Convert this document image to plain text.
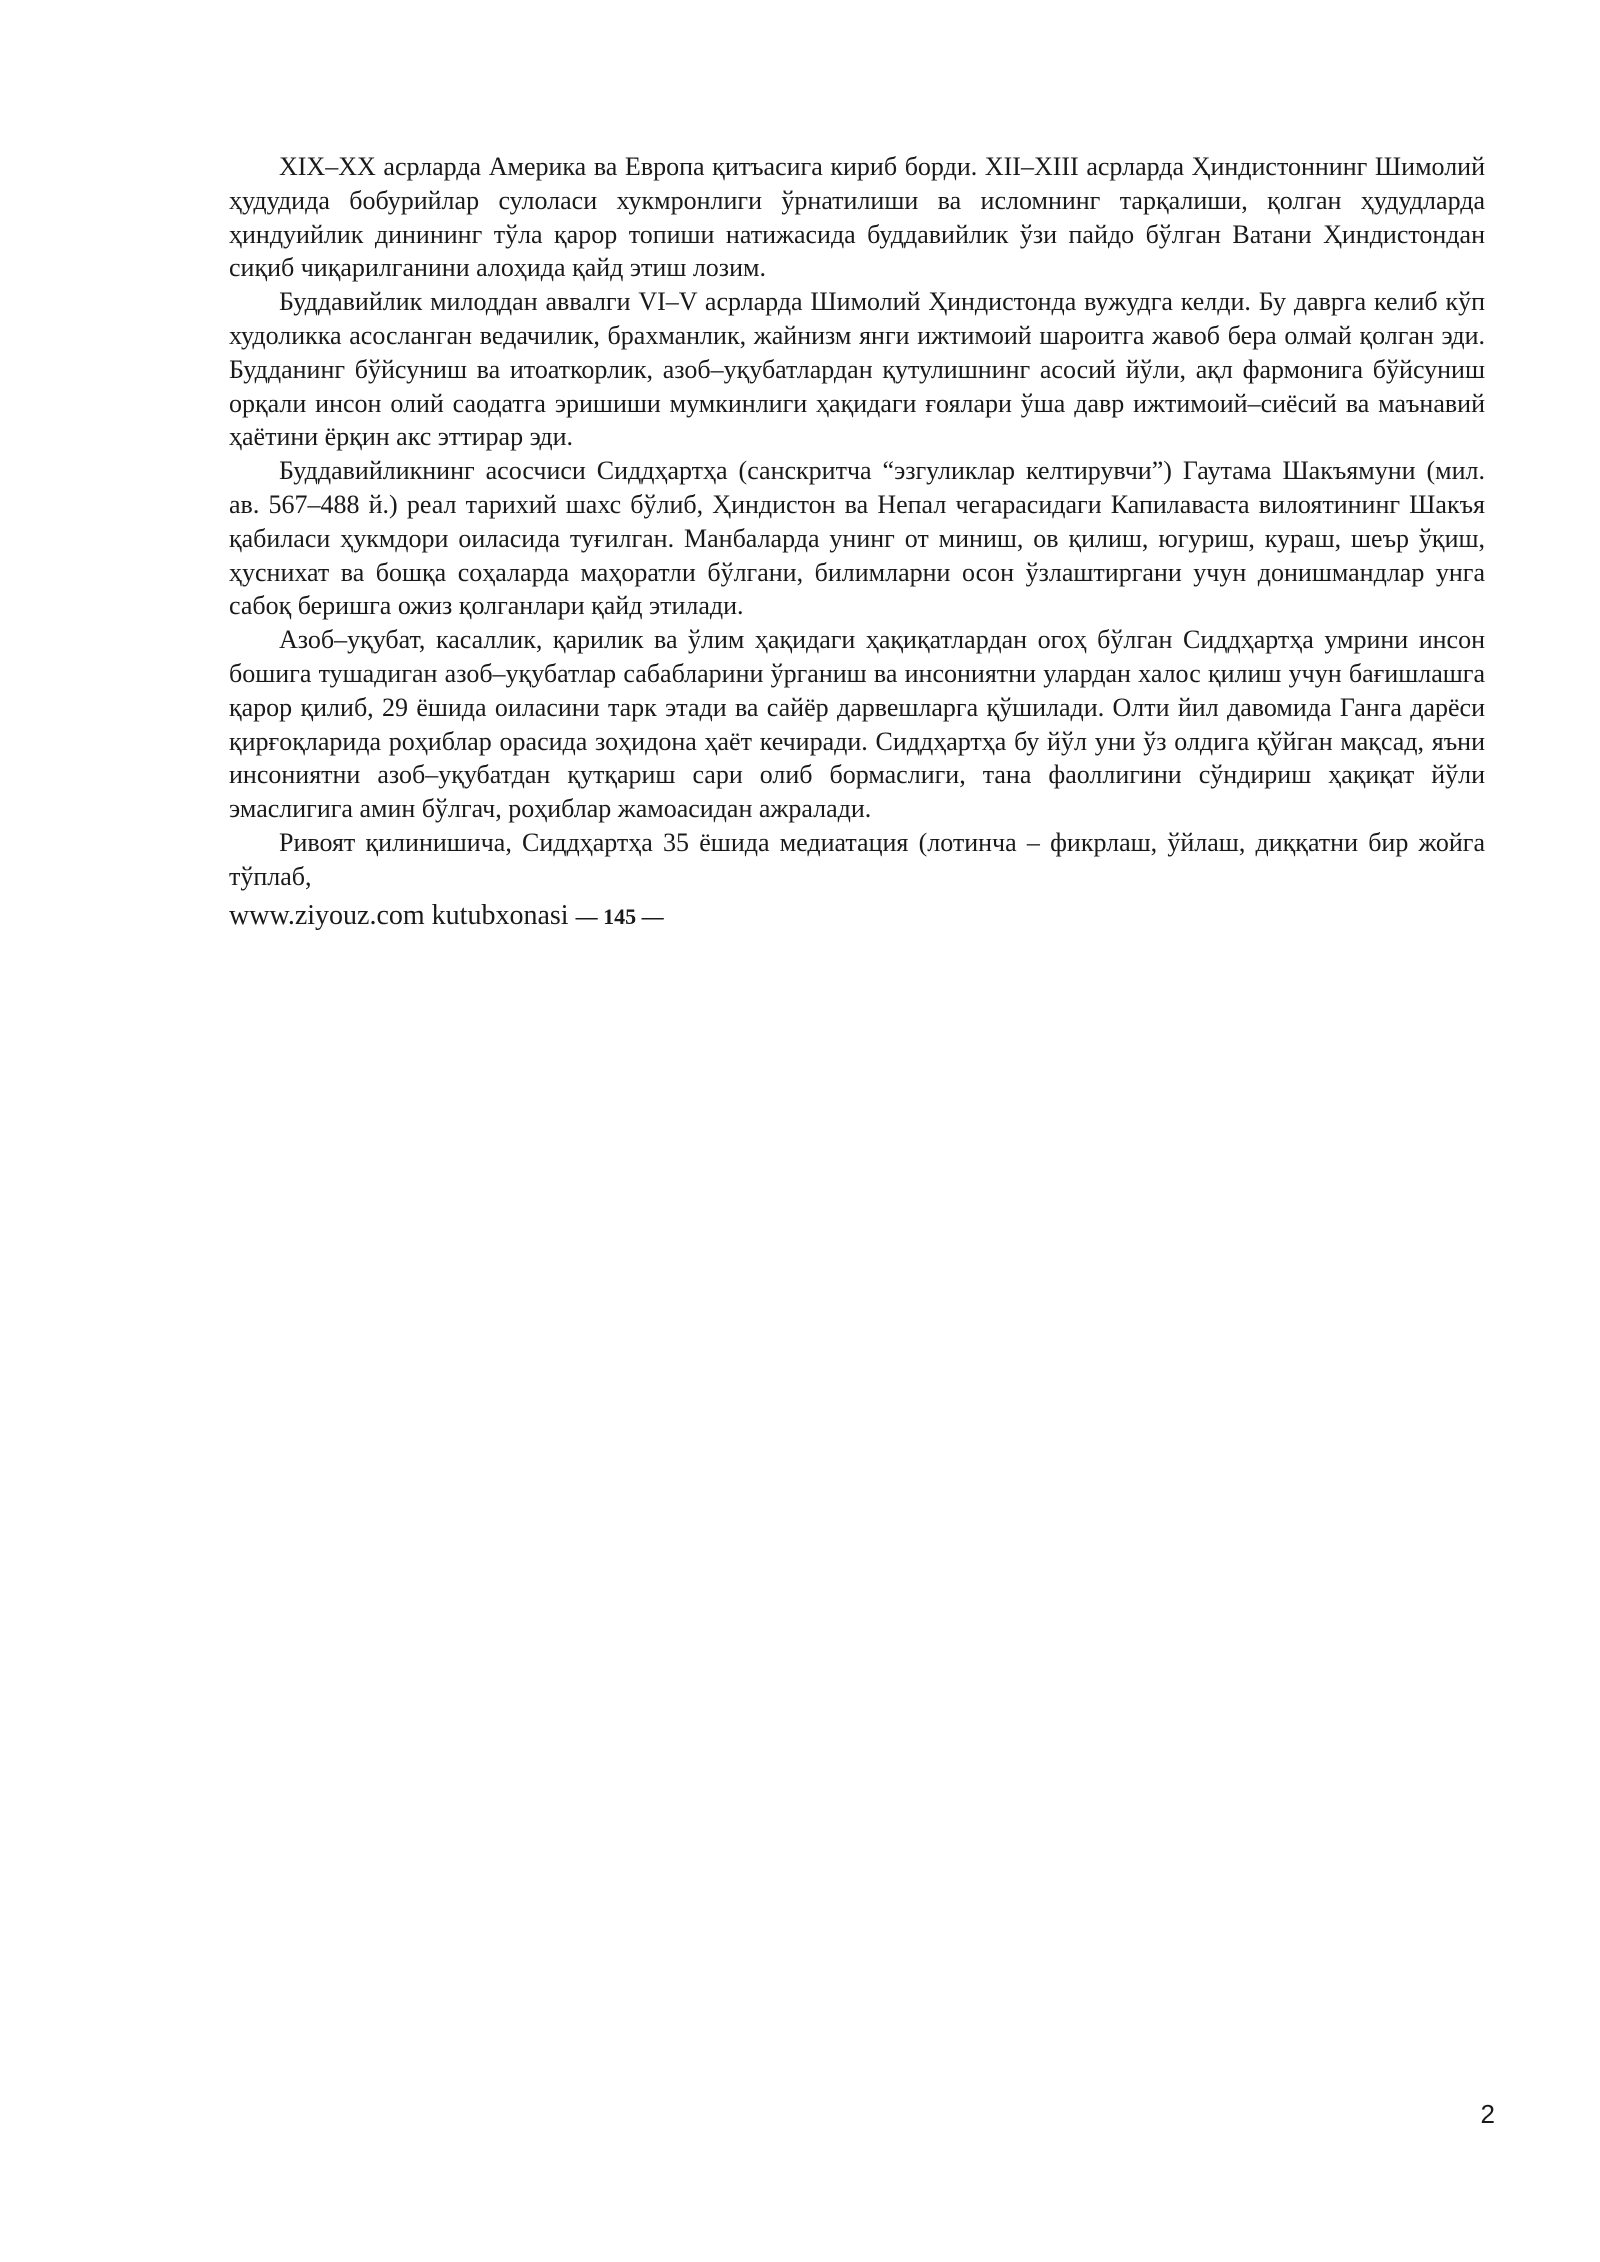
XIX–XX асрларда Америка ва Европа қитъасига кириб борди. XII–XIII асрларда Ҳиндистоннинг Шимолий ҳудудида бобурийлар сулоласи хукмронлиги ўрнатилиши ва исломнинг тарқалиши, қолган ҳудудларда ҳиндуийлик динининг тўла қарор топиши натижасида буддавийлик ўзи пайдо бўлган Ватани Ҳиндистондан сиқиб чиқарилганини алоҳида қайд этиш лозим.

Буддавийлик милоддан аввалги VI–V асрларда Шимолий Ҳиндистонда вужудга келди. Бу даврга келиб кўп худоликка асосланган ведачилик, брахманлик, жайнизм янги ижтимоий шароитга жавоб бера олмай қолган эди. Будданинг бўйсуниш ва итоаткорлик, азоб–уқубатлардан қутулишнинг асосий йўли, ақл фармонига бўйсуниш орқали инсон олий саодатга эришиши мумкинлиги ҳақидаги ғоялари ўша давр ижтимоий–сиёсий ва маънавий ҳаётини ёрқин акс эттирар эди.

Буддавийликнинг асосчиси Сиддҳартҳа (санскритча “эзгуликлар келтирувчи”) Гаутама Шакъямуни (мил. ав. 567–488 й.) реал тарихий шахс бўлиб, Ҳиндистон ва Непал чегарасидаги Капилаваста вилоятининг Шакъя қабиласи ҳукмдори оиласида туғилган. Манбаларда унинг от миниш, ов қилиш, югуриш, кураш, шеър ўқиш, ҳуснихат ва бошқа соҳаларда маҳоратли бўлгани, билимларни осон ўзлаштиргани учун донишмандлар унга сабоқ беришга ожиз қолганлари қайд этилади.

Азоб–уқубат, касаллик, қарилик ва ўлим ҳақидаги ҳақиқатлардан огоҳ бўлган Сиддҳартҳа умрини инсон бошига тушадиган азоб–уқубатлар сабабларини ўрганиш ва инсониятни улардан халос қилиш учун бағишлашга қарор қилиб, 29 ёшида оиласини тарк этади ва сайёр дарвешларга қўшилади. Олти йил давомида Ганга дарёси қирғоқларида роҳиблар орасида зоҳидона ҳаёт кечиради. Сиддҳартҳа бу йўл уни ўз олдига қўйган мақсад, яъни инсониятни азоб–уқубатдан қутқариш сари олиб бормаслиги, тана фаоллигини сўндириш ҳақиқат йўли эмаслигига амин бўлгач, роҳиблар жамоасидан ажралади.

Ривоят қилинишича, Сиддҳартҳа 35 ёшида медиатация (лотинча – фикрлаш, ўйлаш, диққатни бир жойга тўплаб,

www.ziyouz.com kutubxonasi — 145 —
2
